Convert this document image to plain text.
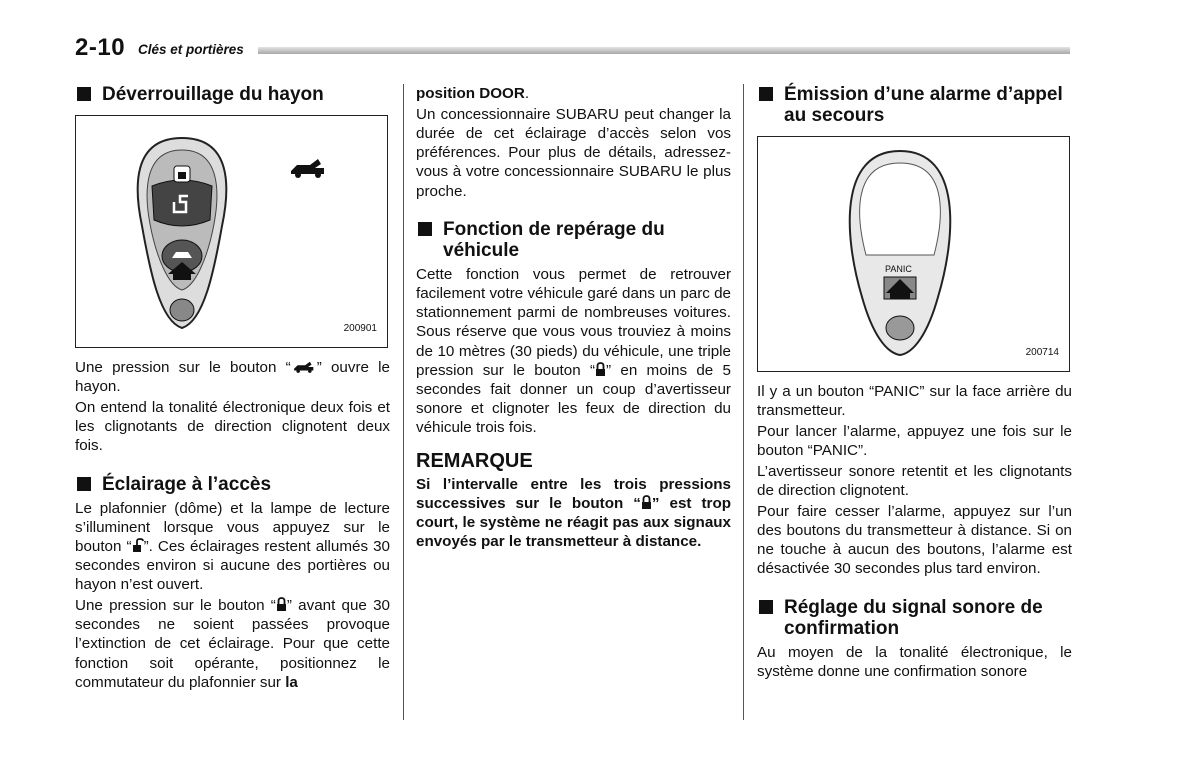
2-10 Clés et portières
Déverrouillage du hayon
200901

Une pression sur le bouton “ ” ouvre le hayon.

On entend la tonalité électronique deux fois et les clignotants de direction clignotent deux fois.

Éclairage à l’accès

Le plafonnier (dôme) et la lampe de lecture s’illuminent lorsque vous appuyez sur le bouton “ ”. Ces éclairages restent allumés 30 secondes environ si aucune des portières ou hayon n’est ouvert.

Une pression sur le bouton “ ” avant que 30 secondes ne soient passées provoque l’extinction de cet éclairage. Pour que cette fonction soit opérante, positionnez le commutateur du plafonnier sur la

position DOOR.

Un concessionnaire SUBARU peut changer la durée de cet éclairage d’accès selon vos préférences. Pour plus de détails, adressez-vous à votre concessionnaire SUBARU le plus proche.

Fonction de repérage du véhicule

Cette fonction vous permet de retrouver facilement votre véhicule garé dans un parc de stationnement parmi de nombreuses voitures. Sous réserve que vous vous trouviez à moins de 10 mètres (30 pieds) du véhicule, une triple pression sur le bouton “ ” en moins de 5 secondes fait donner un coup d’avertisseur sonore et clignoter les feux de direction du véhicule trois fois.

REMARQUE

Si l’intervalle entre les trois pressions successives sur le bouton “ ” est trop court, le système ne réagit pas aux signaux envoyés par le transmetteur à distance.

Émission d’une alarme d’appel au secours
PANIC
200714

Il y a un bouton “PANIC” sur la face arrière du transmetteur.

Pour lancer l’alarme, appuyez une fois sur le bouton “PANIC”.

L’avertisseur sonore retentit et les clignotants de direction clignotent.

Pour faire cesser l’alarme, appuyez sur l’un des boutons du transmetteur à distance. Si on ne touche à aucun des boutons, l’alarme est désactivée 30 secondes plus tard environ.

Réglage du signal sonore de confirmation

Au moyen de la tonalité électronique, le système donne une confirmation sonore
